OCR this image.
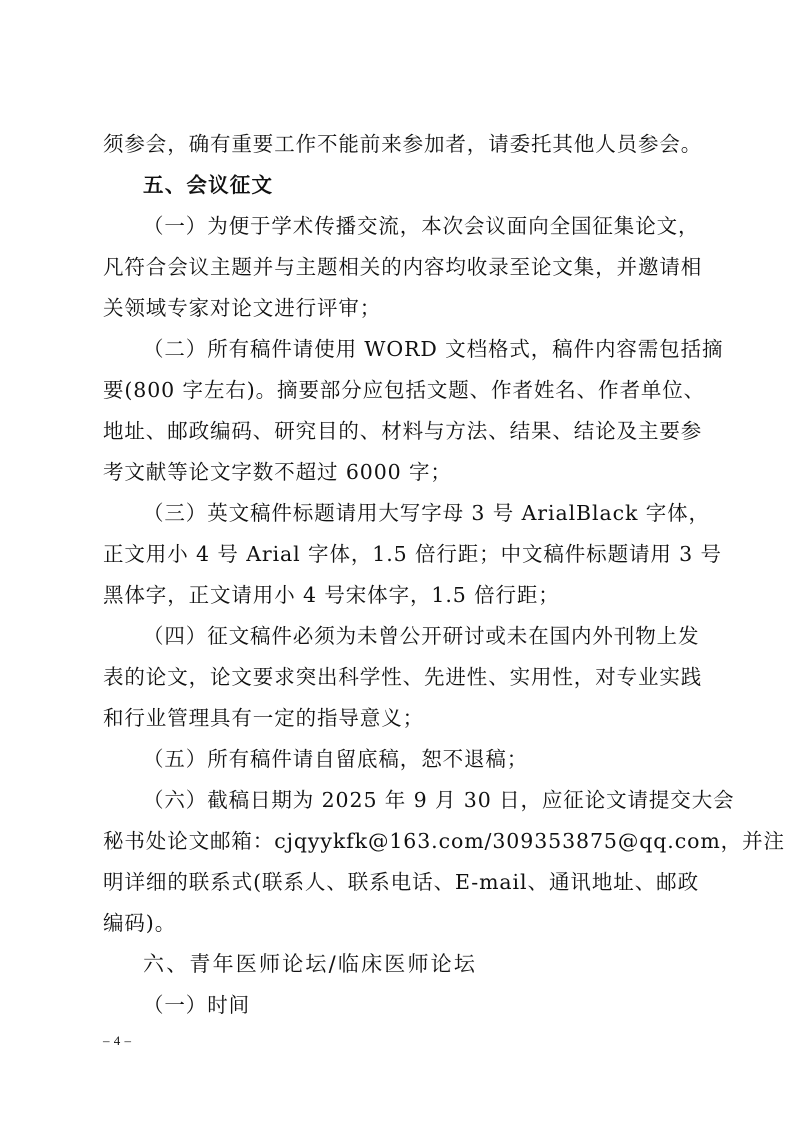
须参会，确有重要工作不能前来参加者，请委托其他人员参会。
五、会议征文
（一）为便于学术传播交流，本次会议面向全国征集论文，
凡符合会议主题并与主题相关的内容均收录至论文集，并邀请相
关领域专家对论文进行评审；
（二）所有稿件请使用 WORD 文档格式，稿件内容需包括摘
要(800 字左右)。摘要部分应包括文题、作者姓名、作者单位、
地址、邮政编码、研究目的、材料与方法、结果、结论及主要参
考文献等论文字数不超过 6000 字；
（三）英文稿件标题请用大写字母 3 号 ArialBlack 字体，
正文用小 4 号 Arial 字体，1.5 倍行距；中文稿件标题请用 3 号
黑体字，正文请用小 4 号宋体字，1.5 倍行距；
（四）征文稿件必须为未曾公开研讨或未在国内外刊物上发
表的论文，论文要求突出科学性、先进性、实用性，对专业实践
和行业管理具有一定的指导意义；
（五）所有稿件请自留底稿，恕不退稿；
（六）截稿日期为 2025 年 9 月 30 日，应征论文请提交大会
秘书处论文邮箱：cjqyykfk@163.com/309353875@qq.com，并注
明详细的联系式(联系人、联系电话、E-mail、通讯地址、邮政
编码)。
六、青年医师论坛/临床医师论坛
（一）时间
– 4 –
